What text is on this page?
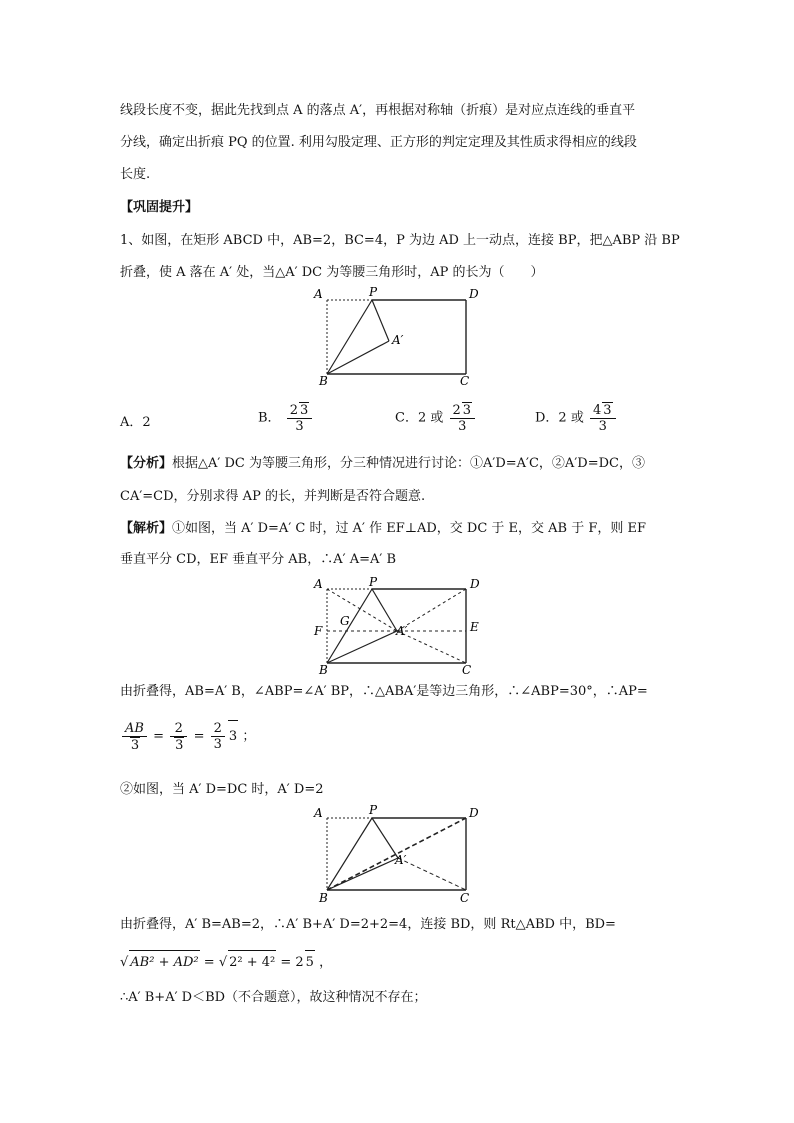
线段长度不变，据此先找到点 A 的落点 A′，再根据对称轴（折痕）是对应点连线的垂直平
分线，确定出折痕 PQ 的位置. 利用勾股定理、正方形的判定定理及其性质求得相应的线段
长度.
【巩固提升】
1、如图，在矩形 ABCD 中，AB=2，BC=4，P 为边 AD 上一动点，连接 BP，把△ABP 沿 BP
折叠，使 A 落在 A′ 处，当△A′ DC 为等腰三角形时，AP 的长为（　　）
A	P	D
A′
B	C
A．2	B． $\frac{2 3}{3}$	C．2 或 $\frac{2 3}{3}$	D．2 或 $\frac{4 3}{3}$
【分析】根据△A′ DC 为等腰三角形，分三种情况进行讨论：①A′D=A′C，②A′D=DC，③
CA′=CD，分别求得 AP 的长，并判断是否符合题意.
【解析】①如图，当 A′ D=A′ C 时，过 A′ 作 EF⊥AD，交 DC 于 E，交 AB 于 F，则 EF
垂直平分 CD，EF 垂直平分 AB，∴A′ A=A′ B
A	P	D
F
G
A′	E
B	C
由折叠得，AB=A′ B，∠ABP=∠A′ BP，∴△ABA′是等边三角形，∴∠ABP=30°，∴AP=
$\frac{AB}{3} = \frac{2}{3} = \frac{2}{3} 3$ ；
②如图，当 A′ D=DC 时，A′ D=2
A	P	D
A′
B	C
由折叠得，A′ B=AB=2，∴A′ B+A′ D=2+2=4，连接 BD，则 Rt△ABD 中，BD=
√ AB² + AD² = √ 2² + 4² = 2 5 ，
∴A′ B+A′ D＜BD（不合题意），故这种情况不存在；
